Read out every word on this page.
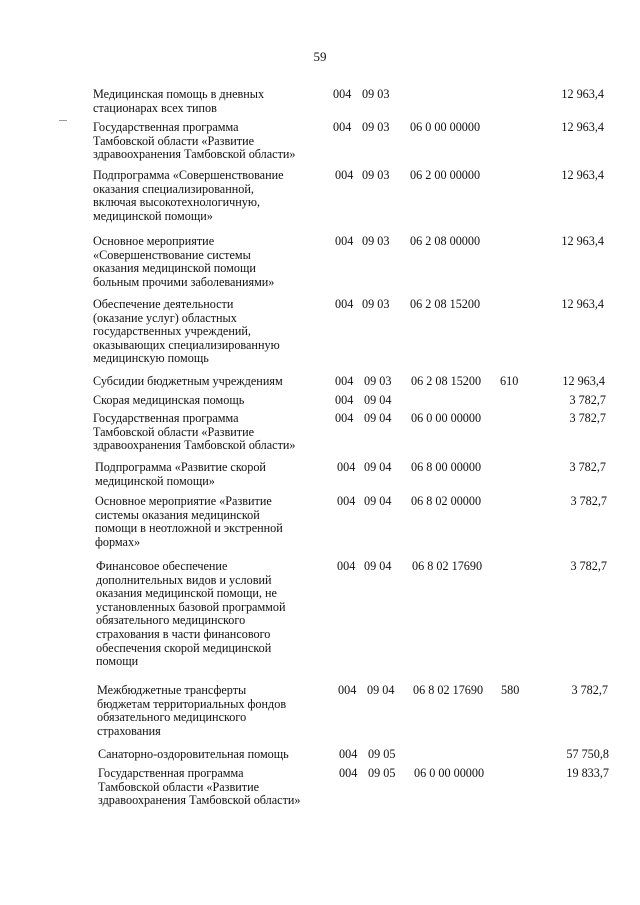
59
Медицинская помощь в дневных
стационарах всех типов
004 09 03	12 963,4
Государственная программа
Тамбовской области «Развитие
здравоохранения Тамбовской области»
004 09 03 06 0 00 00000	12 963,4
Подпрограмма «Совершенствование
оказания специализированной,
включая высокотехнологичную,
медицинской помощи»
004 09 03 06 2 00 00000	12 963,4
Основное мероприятие
«Совершенствование системы
оказания медицинской помощи
больным прочими заболеваниями»
004 09 03 06 2 08 00000	12 963,4
Обеспечение деятельности
(оказание услуг) областных
государственных учреждений,
оказывающих специализированную
медицинскую помощь
004 09 03 06 2 08 15200	12 963,4
Субсидии бюджетным учреждениям	004 09 03 06 2 08 15200 610	12 963,4
Скорая медицинская помощь	004 09 04	3 782,7
Государственная программа
Тамбовской области «Развитие
здравоохранения Тамбовской области»
004 09 04 06 0 00 00000	3 782,7
Подпрограмма «Развитие скорой
медицинской помощи»
004 09 04 06 8 00 00000	3 782,7
Основное мероприятие «Развитие
системы оказания медицинской
помощи в неотложной и экстренной
формах»
004 09 04 06 8 02 00000	3 782,7
Финансовое обеспечение
дополнительных видов и условий
оказания медицинской помощи, не
установленных базовой программой
обязательного медицинского
страхования в части финансового
обеспечения скорой медицинской
помощи
004 09 04 06 8 02 17690	3 782,7
Межбюджетные трансферты
бюджетам территориальных фондов
обязательного медицинского
страхования
004 09 04 06 8 02 17690 580	3 782,7
Санаторно-оздоровительная помощь	004 09 05	57 750,8
Государственная программа
Тамбовской области «Развитие
здравоохранения Тамбовской области»
004 09 05 06 0 00 00000	19 833,7
